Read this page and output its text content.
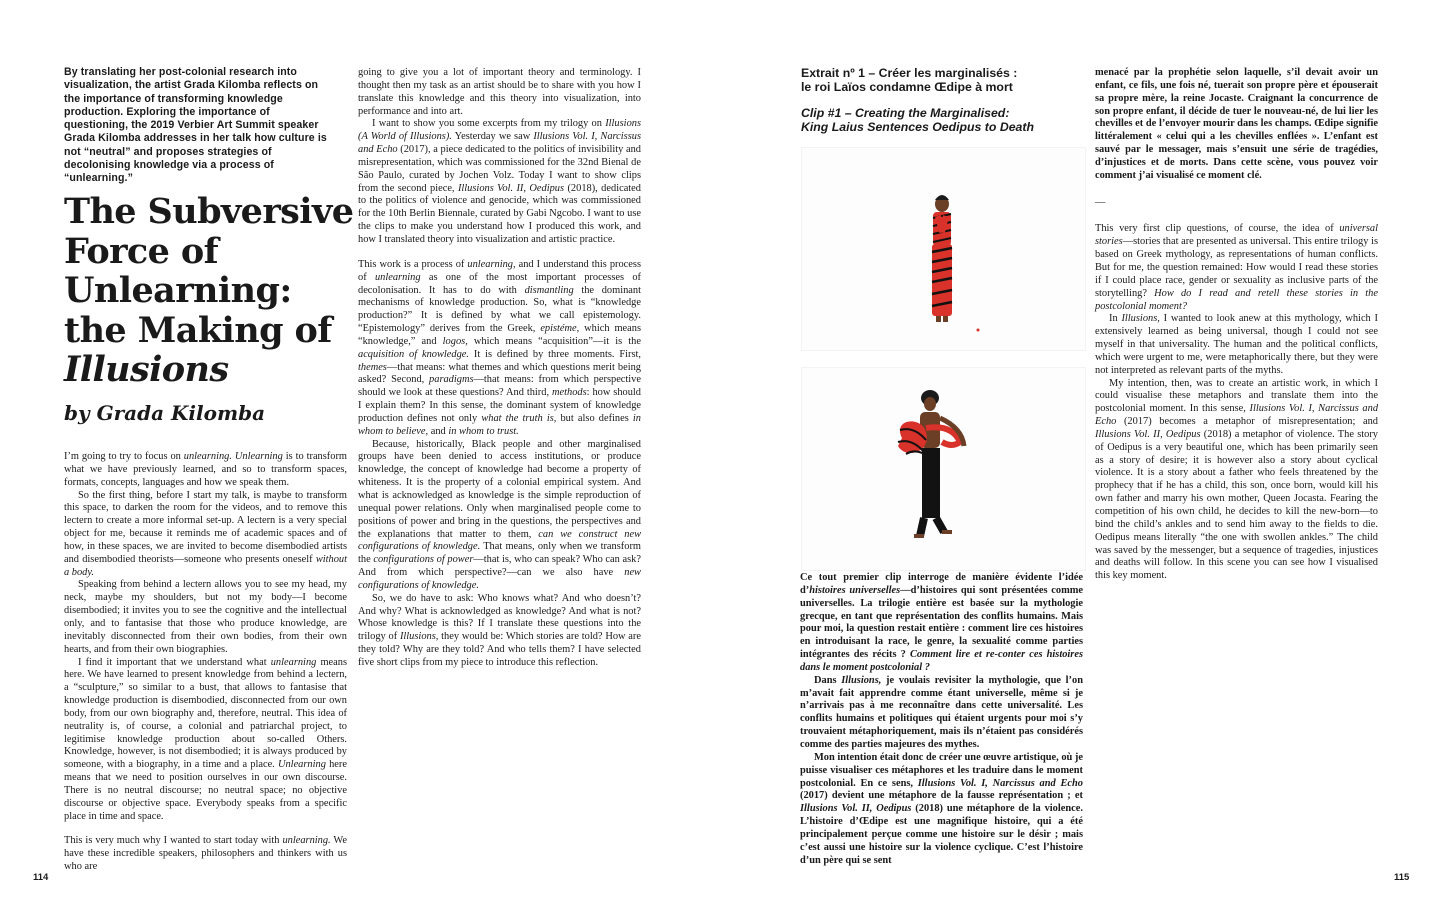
By translating her post-colonial research into visualization, the artist Grada Kilomba reflects on the importance of transforming knowledge production. Exploring the importance of questioning, the 2019 Verbier Art Summit speaker Grada Kilomba addresses in her talk how culture is not “neutral” and proposes strategies of decolonising knowledge via a process of “unlearning.”
The Subversive
Force of
Unlearning:
the Making of
Illusions
by Grada Kilomba

I’m going to try to focus on unlearning. Unlearning is to transform what we have previously learned, and so to transform spaces, formats, concepts, languages and how we speak them.

So the first thing, before I start my talk, is maybe to transform this space, to darken the room for the videos, and to remove this lectern to create a more informal set-up. A lectern is a very special object for me, because it reminds me of academic spaces and of how, in these spaces, we are invited to become disembodied artists and disembodied theorists—someone who presents oneself without a body.

Speaking from behind a lectern allows you to see my head, my neck, maybe my shoulders, but not my body—I become disembodied; it invites you to see the cognitive and the intellectual only, and to fantasise that those who produce knowledge, are inevitably disconnected from their own bodies, from their own hearts, and from their own biographies.

I find it important that we understand what unlearning means here. We have learned to present knowledge from behind a lectern, a “sculpture,” so similar to a bust, that allows to fantasise that knowledge production is disembodied, disconnected from our own body, from our own biography and, therefore, neutral. This idea of neutrality is, of course, a colonial and patriarchal project, to legitimise knowledge production about so-called Others. Knowledge, however, is not disembodied; it is always produced by someone, with a biography, in a time and a place. Unlearning here means that we need to position ourselves in our own discourse. There is no neutral discourse; no neutral space; no objective discourse or objective space. Everybody speaks from a specific place in time and space.

This is very much why I wanted to start today with unlearning. We have these incredible speakers, philosophers and thinkers with us who are

going to give you a lot of important theory and terminology. I thought then my task as an artist should be to share with you how I translate this knowledge and this theory into visualization, into performance and into art.

I want to show you some excerpts from my trilogy on Illusions (A World of Illusions). Yesterday we saw Illusions Vol. I, Narcissus and Echo (2017), a piece dedicated to the politics of invisibility and misrepresentation, which was commissioned for the 32nd Bienal de São Paulo, curated by Jochen Volz. Today I want to show clips from the second piece, Illusions Vol. II, Oedipus (2018), dedicated to the politics of violence and genocide, which was commissioned for the 10th Berlin Biennale, curated by Gabi Ngcobo. I want to use the clips to make you understand how I produced this work, and how I translated theory into visualization and artistic practice.

This work is a process of unlearning, and I understand this process of unlearning as one of the most important processes of decolonisation. It has to do with dismantling the dominant mechanisms of knowledge production. So, what is “knowledge production?” It is defined by what we call epistemology. “Epistemology” derives from the Greek, epistéme, which means “knowledge,” and logos, which means “acquisition”—it is the acquisition of knowledge. It is defined by three moments. First, themes—that means: what themes and which questions merit being asked? Second, paradigms—that means: from which perspective should we look at these questions? And third, methods: how should I explain them? In this sense, the dominant system of knowledge production defines not only what the truth is, but also defines in whom to believe, and in whom to trust.

Because, historically, Black people and other marginalised groups have been denied to access institutions, or produce knowledge, the concept of knowledge had become a property of whiteness. It is the property of a colonial empirical system. And what is acknowledged as knowledge is the simple reproduction of unequal power relations. Only when marginalised people come to positions of power and bring in the questions, the perspectives and the explanations that matter to them, can we construct new configurations of knowledge. That means, only when we transform the configurations of power—that is, who can speak? Who can ask? And from which perspective?—can we also have new configurations of knowledge.

So, we do have to ask: Who knows what? And who doesn’t? And why? What is acknowledged as knowledge? And what is not? Whose knowledge is this? If I translate these questions into the trilogy of Illusions, they would be: Which stories are told? How are they told? Why are they told? And who tells them? I have selected five short clips from my piece to introduce this reflection.

114

Extrait nº 1 – Créer les marginalisés :
le roi Laïos condamne Œdipe à mort

Clip #1 – Creating the Marginalised:
King Laius Sentences Oedipus to Death

Ce tout premier clip interroge de manière évidente l’idée d’histoires universelles—d’histoires qui sont présentées comme universelles. La trilogie entière est basée sur la mythologie grecque, en tant que représentation des conflits humains. Mais pour moi, la question restait entière : comment lire ces histoires en introduisant la race, le genre, la sexualité comme parties intégrantes des récits ? Comment lire et re-conter ces histoires dans le moment postcolonial ?

Dans Illusions, je voulais revisiter la mythologie, que l’on m’avait fait apprendre comme étant universelle, même si je n’arrivais pas à me reconnaître dans cette universalité. Les conflits humains et politiques qui étaient urgents pour moi s’y trouvaient métaphoriquement, mais ils n’étaient pas considérés comme des parties majeures des mythes.

Mon intention était donc de créer une œuvre artistique, où je puisse visualiser ces métaphores et les traduire dans le moment postcolonial. En ce sens, Illusions Vol. I, Narcissus and Echo (2017) devient une métaphore de la fausse représentation ; et Illusions Vol. II, Oedipus (2018) une métaphore de la violence. L’histoire d’Œdipe est une magnifique histoire, qui a été principalement perçue comme une histoire sur le désir ; mais c’est aussi une histoire sur la violence cyclique. C’est l’histoire d’un père qui se sent

menacé par la prophétie selon laquelle, s’il devait avoir un enfant, ce fils, une fois né, tuerait son propre père et épouserait sa propre mère, la reine Jocaste. Craignant la concurrence de son propre enfant, il décide de tuer le nouveau-né, de lui lier les chevilles et de l’envoyer mourir dans les champs. Œdipe signifie littéralement « celui qui a les chevilles enflées ». L’enfant est sauvé par le messager, mais s’ensuit une série de tragédies, d’injustices et de morts. Dans cette scène, vous pouvez voir comment j’ai visualisé ce moment clé.

—

This very first clip questions, of course, the idea of universal stories—stories that are presented as universal. This entire trilogy is based on Greek mythology, as representations of human conflicts. But for me, the question remained: How would I read these stories if I could place race, gender or sexuality as inclusive parts of the storytelling? How do I read and retell these stories in the postcolonial moment?

In Illusions, I wanted to look anew at this mythology, which I extensively learned as being universal, though I could not see myself in that universality. The human and the political conflicts, which were urgent to me, were metaphorically there, but they were not interpreted as relevant parts of the myths.

My intention, then, was to create an artistic work, in which I could visualise these metaphors and translate them into the postcolonial moment. In this sense, Illusions Vol. I, Narcissus and Echo (2017) becomes a metaphor of misrepresentation; and Illusions Vol. II, Oedipus (2018) a metaphor of violence. The story of Oedipus is a very beautiful one, which has been primarily seen as a story of desire; it is however also a story about cyclical violence. It is a story about a father who feels threatened by the prophecy that if he has a child, this son, once born, would kill his own father and marry his own mother, Queen Jocasta. Fearing the competition of his own child, he decides to kill the new-born—to bind the child’s ankles and to send him away to the fields to die. Oedipus means literally “the one with swollen ankles.” The child was saved by the messenger, but a sequence of tragedies, injustices and deaths will follow. In this scene you can see how I visualised this key moment.

115
